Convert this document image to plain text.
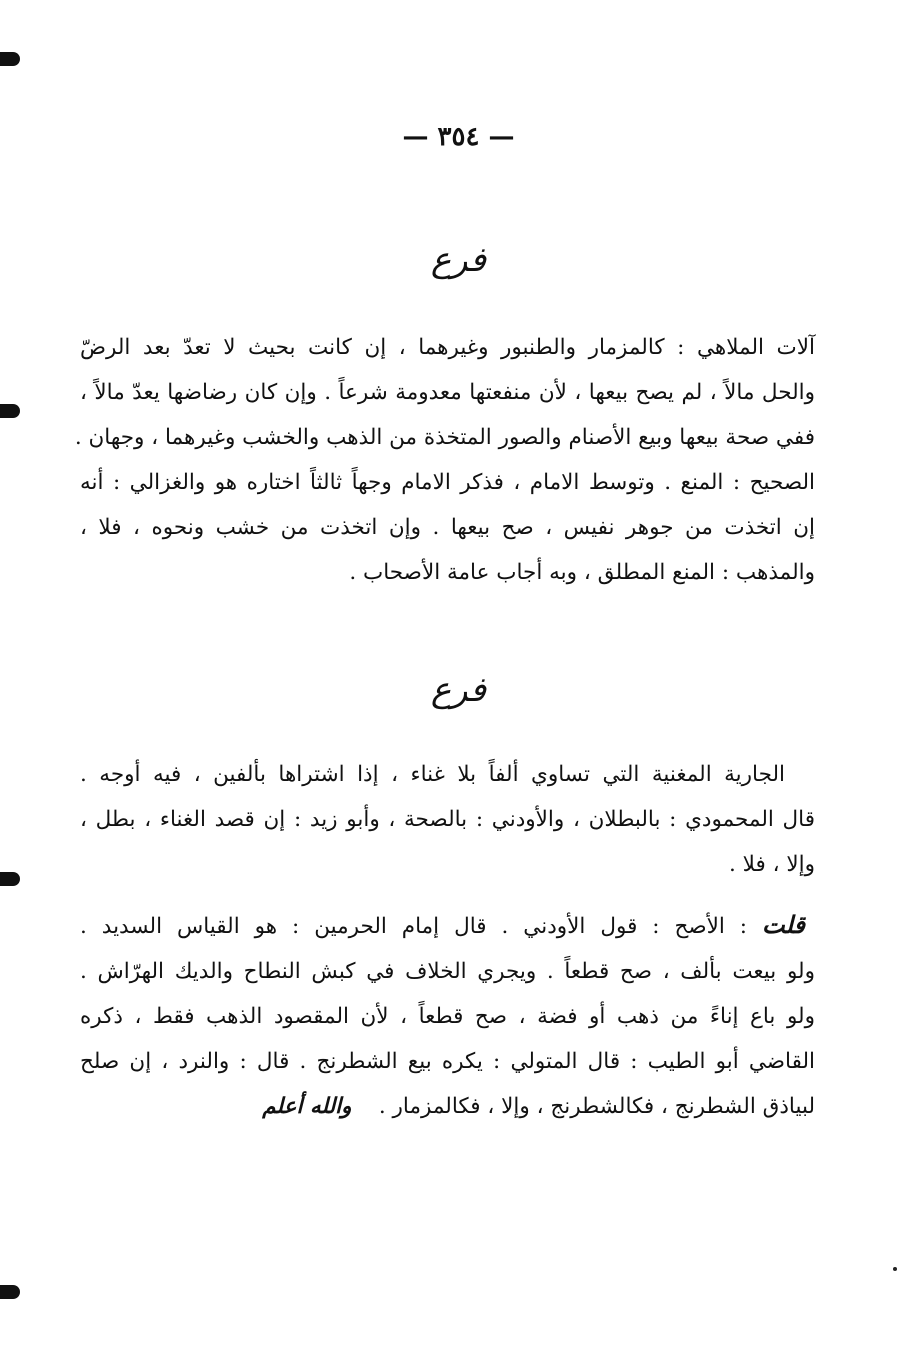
— ٣٥٤ —
فرع
آلات الملاهي : كالمزمار والطنبور وغيرهما ، إن كانت بحيث لا تعدّ بعد الرضّ
والحل مالاً ، لم يصح بيعها ، لأن منفعتها معدومة شرعاً . وإن كان رضاضها يعدّ مالاً ،
ففي صحة بيعها وبيع الأصنام والصور المتخذة من الذهب والخشب وغيرهما ، وجهان .
الصحيح : المنع . وتوسط الامام ، فذكر الامام وجهاً ثالثاً اختاره هو والغزالي : أنه
إن اتخذت من جوهر نفيس ، صح بيعها . وإن اتخذت من خشب ونحوه ، فلا ،
والمذهب : المنع المطلق ، وبه أجاب عامة الأصحاب .
فرع
الجارية المغنية التي تساوي ألفاً بلا غناء ، إذا اشتراها بألفين ، فيه أوجه .
قال المحمودي : بالبطلان ، والأودني : بالصحة ، وأبو زيد : إن قصد الغناء ، بطل ،
وإلا ، فلا .
قلت : الأصح : قول الأودني . قال إمام الحرمين : هو القياس السديد .
ولو بيعت بألف ، صح قطعاً . ويجري الخلاف في كبش النطاح والديك الهرّاش .
ولو باع إناءً من ذهب أو فضة ، صح قطعاً ، لأن المقصود الذهب فقط ، ذكره
القاضي أبو الطيب : قال المتولي : يكره بيع الشطرنج . قال : والنرد ، إن صلح
لبياذق الشطرنج ، فكالشطرنج ، وإلا ، فكالمزمار .    والله أعلم
